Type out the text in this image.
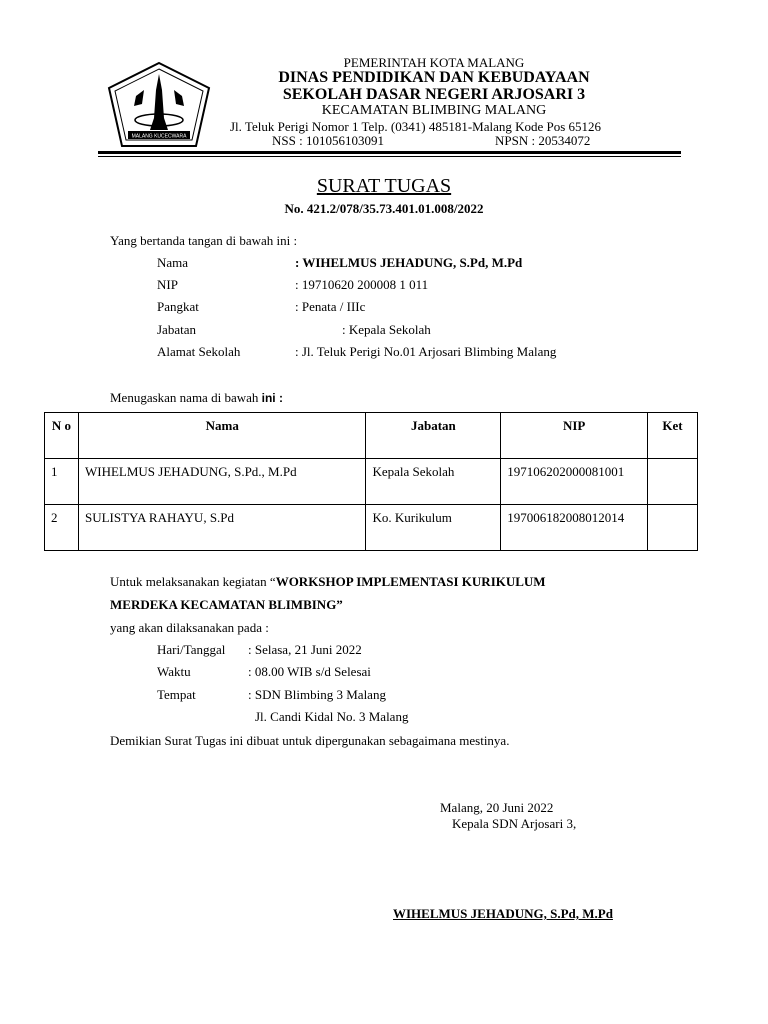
MALANG KUCECWARA
PEMERINTAH KOTA MALANG
DINAS PENDIDIKAN DAN KEBUDAYAAN
SEKOLAH DASAR NEGERI ARJOSARI 3
KECAMATAN BLIMBING MALANG
Jl. Teluk Perigi Nomor 1 Telp. (0341) 485181-Malang Kode Pos 65126
NSS : 101056103091	NPSN : 20534072
SURAT TUGAS
No. 421.2/078/35.73.401.01.008/2022
Yang bertanda tangan di bawah ini :
Nama	: WIHELMUS JEHADUNG, S.Pd, M.Pd
NIP	: 19710620 200008 1 011
Pangkat	: Penata / IIIc
Jabatan	: Kepala Sekolah
Alamat Sekolah	: Jl. Teluk Perigi No.01 Arjosari Blimbing Malang
Menugaskan nama di bawah ini :
N o	Nama	Jabatan	NIP	Ket
1	WIHELMUS JEHADUNG, S.Pd., M.Pd	Kepala Sekolah	197106202000081001	
2	SULISTYA RAHAYU, S.Pd	Ko. Kurikulum	197006182008012014	
Untuk melaksanakan kegiatan “WORKSHOP IMPLEMENTASI KURIKULUM
MERDEKA KECAMATAN BLIMBING”
yang akan dilaksanakan pada :
Hari/Tanggal : Selasa, 21 Juni 2022
Waktu	: 08.00 WIB s/d Selesai
Tempat	: SDN Blimbing 3 Malang
Jl. Candi Kidal No. 3 Malang
Demikian Surat Tugas ini dibuat untuk dipergunakan sebagaimana mestinya.
Malang, 20 Juni 2022
Kepala SDN Arjosari 3,
WIHELMUS JEHADUNG, S.Pd, M.Pd
